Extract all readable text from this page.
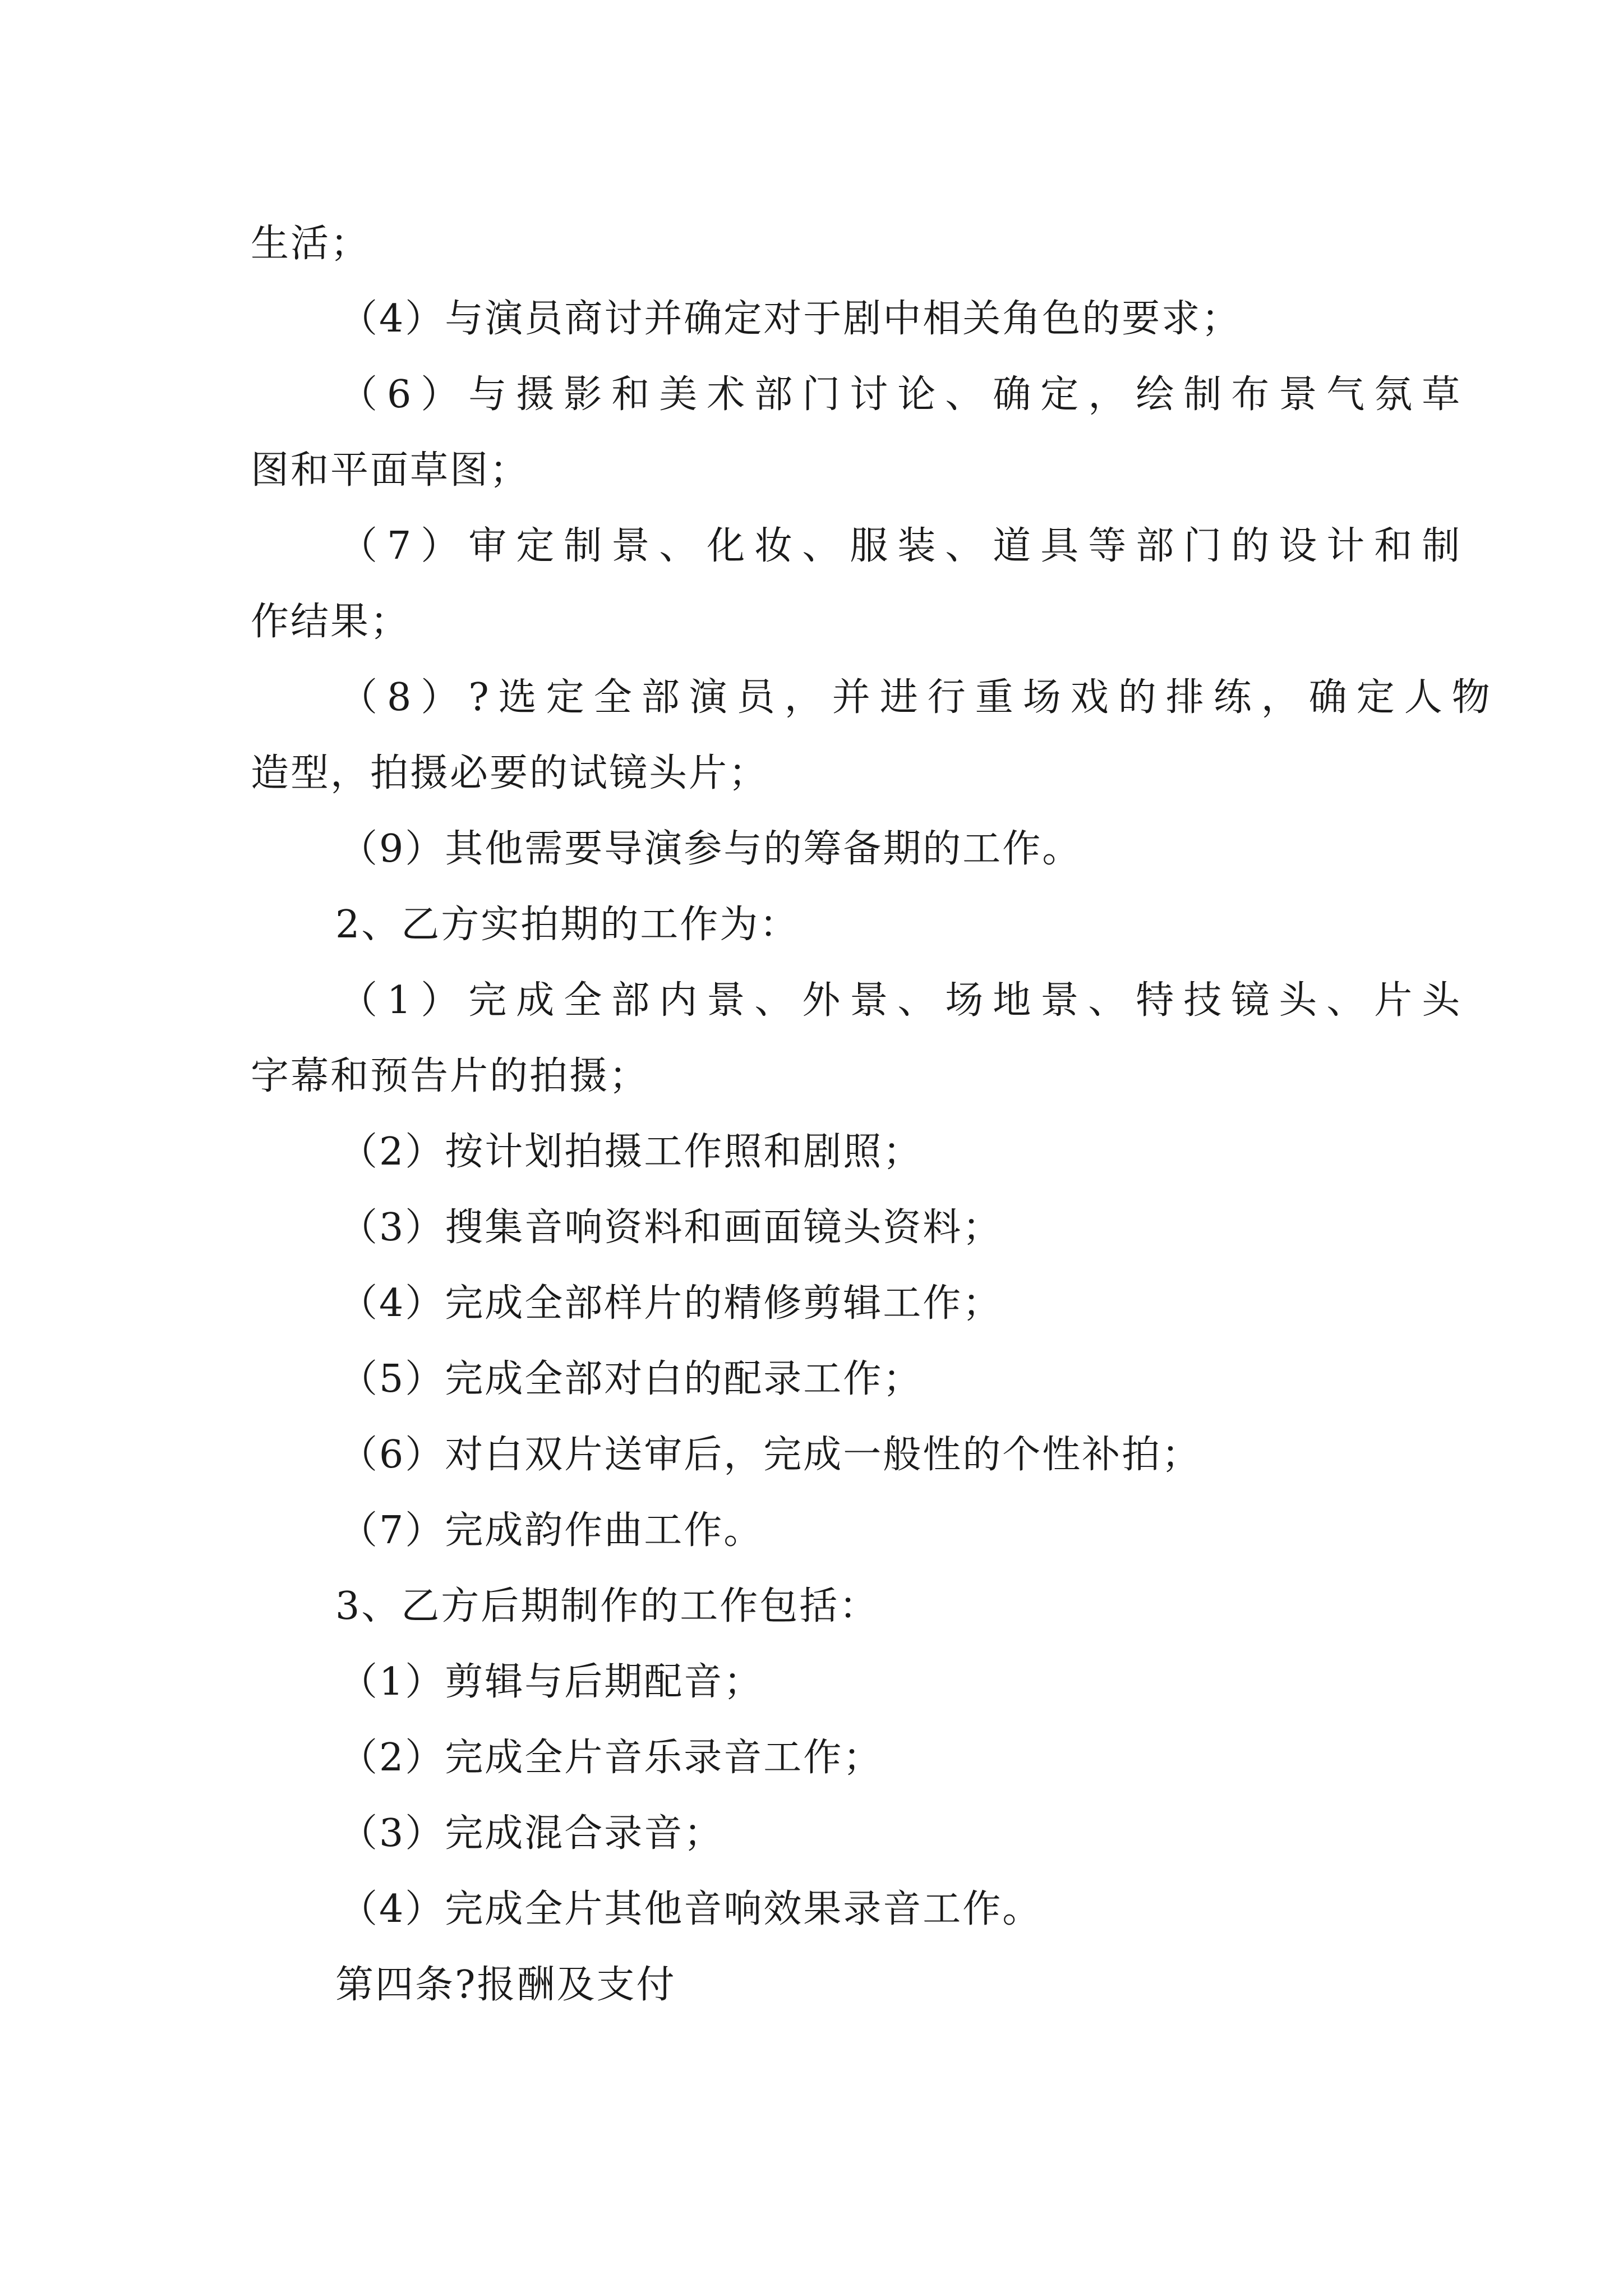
生活；
（4）与演员商讨并确定对于剧中相关角色的要求；
（6）与摄影和美术部门讨论、确定，绘制布景气氛草
图和平面草图；
（7）审定制景、化妆、服装、道具等部门的设计和制
作结果；
（8）?选定全部演员，并进行重场戏的排练，确定人物
造型，拍摄必要的试镜头片；
（9）其他需要导演参与的筹备期的工作。
2、乙方实拍期的工作为：
（1）完成全部内景、外景、场地景、特技镜头、片头
字幕和预告片的拍摄；
（2）按计划拍摄工作照和剧照；
（3）搜集音响资料和画面镜头资料；
（4）完成全部样片的精修剪辑工作；
（5）完成全部对白的配录工作；
（6）对白双片送审后，完成一般性的个性补拍；
（7）完成韵作曲工作。
3、乙方后期制作的工作包括：
（1）剪辑与后期配音；
（2）完成全片音乐录音工作；
（3）完成混合录音；
（4）完成全片其他音响效果录音工作。
第四条?报酬及支付
